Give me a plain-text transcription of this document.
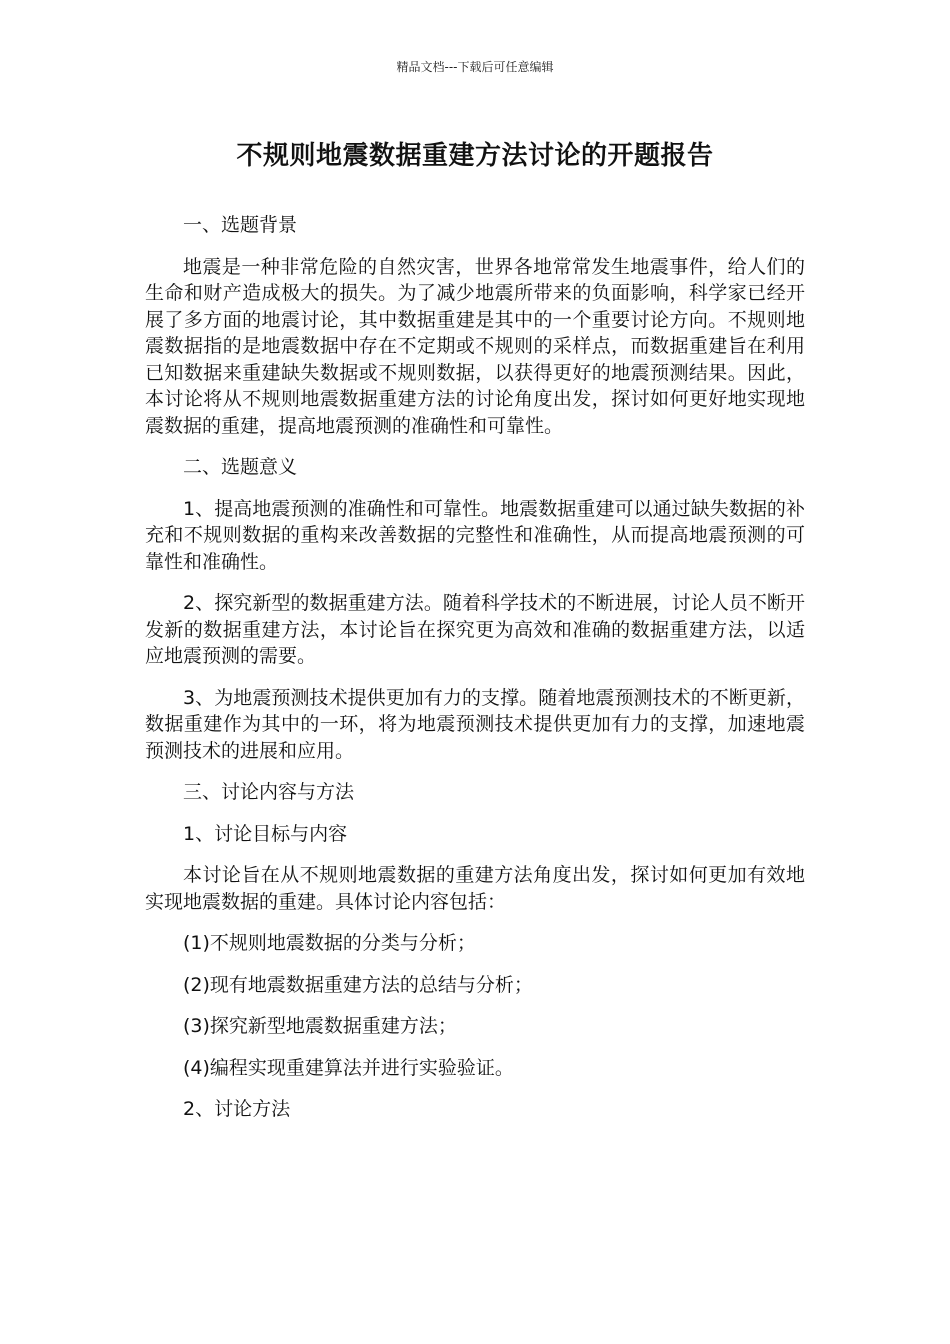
精品文档---下载后可任意编辑
不规则地震数据重建方法讨论的开题报告

一、选题背景

地震是一种非常危险的自然灾害，世界各地常常发生地震事件，给人们的生命和财产造成极大的损失。为了减少地震所带来的负面影响，科学家已经开展了多方面的地震讨论，其中数据重建是其中的一个重要讨论方向。不规则地震数据指的是地震数据中存在不定期或不规则的采样点，而数据重建旨在利用已知数据来重建缺失数据或不规则数据，以获得更好的地震预测结果。因此，本讨论将从不规则地震数据重建方法的讨论角度出发，探讨如何更好地实现地震数据的重建，提高地震预测的准确性和可靠性。

二、选题意义

1、提高地震预测的准确性和可靠性。地震数据重建可以通过缺失数据的补充和不规则数据的重构来改善数据的完整性和准确性，从而提高地震预测的可靠性和准确性。

2、探究新型的数据重建方法。随着科学技术的不断进展，讨论人员不断开发新的数据重建方法，本讨论旨在探究更为高效和准确的数据重建方法，以适应地震预测的需要。

3、为地震预测技术提供更加有力的支撑。随着地震预测技术的不断更新，数据重建作为其中的一环，将为地震预测技术提供更加有力的支撑，加速地震预测技术的进展和应用。

三、讨论内容与方法

1、讨论目标与内容

本讨论旨在从不规则地震数据的重建方法角度出发，探讨如何更加有效地实现地震数据的重建。具体讨论内容包括：

(1)不规则地震数据的分类与分析；

(2)现有地震数据重建方法的总结与分析；

(3)探究新型地震数据重建方法；

(4)编程实现重建算法并进行实验验证。

2、讨论方法
